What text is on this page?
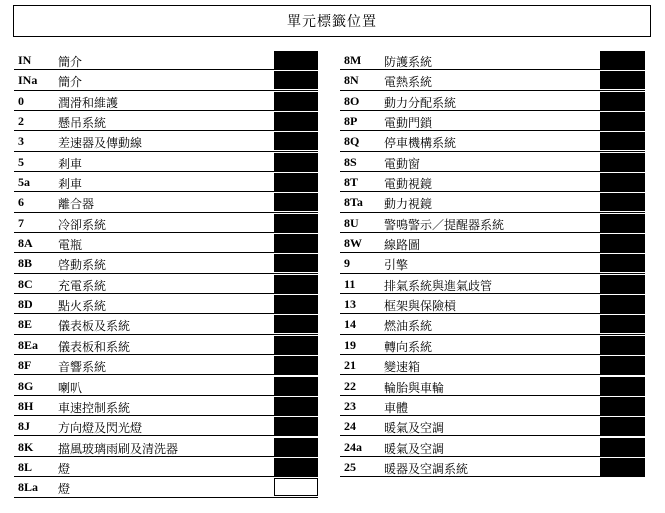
單元標籤位置
IN 簡介
INa 簡介
0	潤滑和維護
2	懸吊系統
3	差速器及傳動線
5	剎車
5a 剎車
6	離合器
7	冷卻系統
8A 電瓶
8B 啓動系統
8C 充電系統
8D 點火系統
8E 儀表板及系統
8Ea 儀表板和系統
8F 音響系統
8G 喇叭
8H 車速控制系統
8J 方向燈及閃光燈
8K 擋風玻璃雨刷及清洗器
8L 燈
8La 燈
8M 防護系統
8N 電熱系統
8O 動力分配系統
8P 電動門鎖
8Q 停車機構系統
8S 電動窗
8T 電動視鏡
8Ta 動力視鏡
8U 警鳴警示／提醒器系統
8W 線路圖
9	引擎
11 排氣系統與進氣歧管
13 框架與保險槓
14 燃油系統
19 轉向系統
21 變速箱
22 輪胎與車輪
23 車體
24 暖氣及空調
24a 暖氣及空調
25 暖器及空調系統
